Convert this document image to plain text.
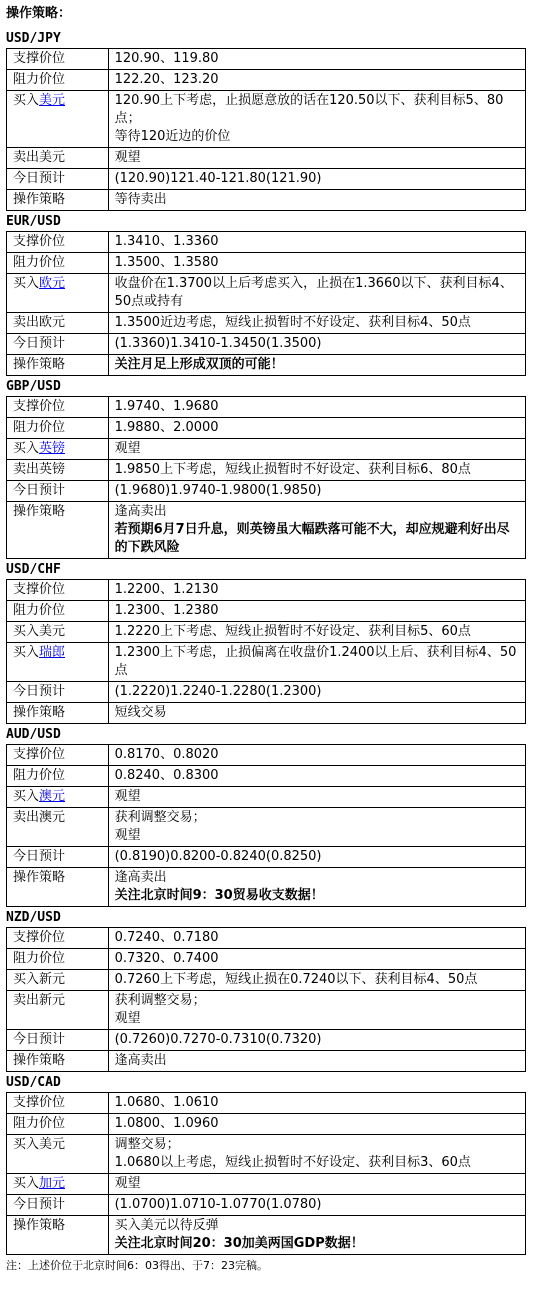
操作策略：
USD/JPY
支撑价位	120.90、119.80

阻力价位	122.20、123.20

买入美元	120.90上下考虑，止损愿意放的话在120.50以下、获利目标5、80点；
等待120近边的价位

卖出美元	观望

今日预计	(120.90)121.40-121.80(121.90)

操作策略	等待卖出
EUR/USD
支撑价位	1.3410、1.3360

阻力价位	1.3500、1.3580

买入欧元	收盘价在1.3700以上后考虑买入，止损在1.3660以下、获利目标4、50点或持有

卖出欧元	1.3500近边考虑，短线止损暂时不好设定、获利目标4、50点

今日预计	(1.3360)1.3410-1.3450(1.3500)

操作策略	关注月足上形成双顶的可能！
GBP/USD
支撑价位	1.9740、1.9680

阻力价位	1.9880、2.0000

买入英镑	观望

卖出英镑	1.9850上下考虑，短线止损暂时不好设定、获利目标6、80点

今日预计	(1.9680)1.9740-1.9800(1.9850)

操作策略	逢高卖出
若预期6月7日升息，则英镑虽大幅跌落可能不大，却应规避利好出尽的下跌风险
USD/CHF
支撑价位	1.2200、1.2130

阻力价位	1.2300、1.2380

买入美元	1.2220上下考虑、短线止损暂时不好设定、获利目标5、60点

买入瑞郎	1.2300上下考虑，止损偏离在收盘价1.2400以上后、获利目标4、50点

今日预计	(1.2220)1.2240-1.2280(1.2300)

操作策略	短线交易
AUD/USD
支撑价位	0.8170、0.8020

阻力价位	0.8240、0.8300

买入澳元	观望

卖出澳元	获利调整交易；
观望

今日预计	(0.8190)0.8200-0.8240(0.8250)

操作策略	逢高卖出
关注北京时间9：30贸易收支数据！
NZD/USD
支撑价位	0.7240、0.7180

阻力价位	0.7320、0.7400

买入新元	0.7260上下考虑，短线止损在0.7240以下、获利目标4、50点

卖出新元	获利调整交易；
观望

今日预计	(0.7260)0.7270-0.7310(0.7320)

操作策略	逢高卖出
USD/CAD
支撑价位	1.0680、1.0610

阻力价位	1.0800、1.0960

买入美元	调整交易；
1.0680以上考虑，短线止损暂时不好设定、获利目标3、60点

买入加元	观望

今日预计	(1.0700)1.0710-1.0770(1.0780)

操作策略	买入美元以待反弹
关注北京时间20：30加美两国GDP数据！
注：上述价位于北京时间6：03得出、于7：23完稿。
